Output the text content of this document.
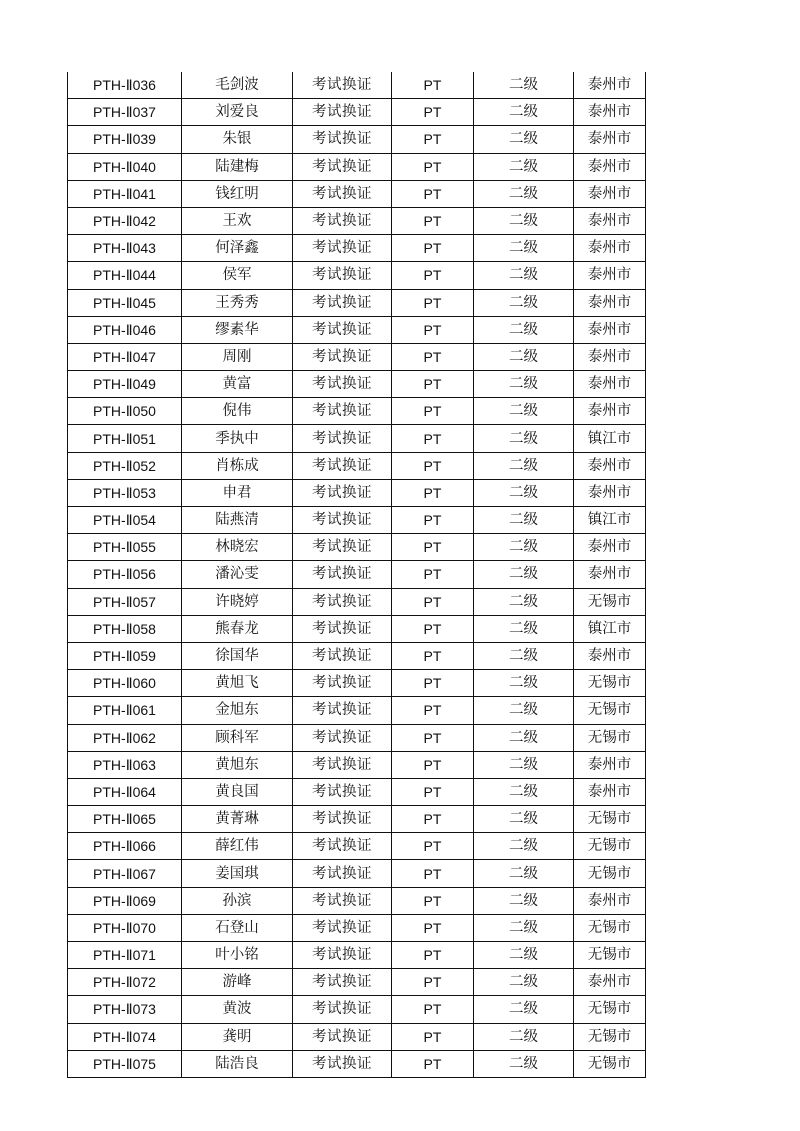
PTH-Ⅱ036	毛剑波	考试换证	PT	二级	泰州市
PTH-Ⅱ037	刘爱良	考试换证	PT	二级	泰州市
PTH-Ⅱ039	朱银	考试换证	PT	二级	泰州市
PTH-Ⅱ040	陆建梅	考试换证	PT	二级	泰州市
PTH-Ⅱ041	钱红明	考试换证	PT	二级	泰州市
PTH-Ⅱ042	王欢	考试换证	PT	二级	泰州市
PTH-Ⅱ043	何泽鑫	考试换证	PT	二级	泰州市
PTH-Ⅱ044	侯军	考试换证	PT	二级	泰州市
PTH-Ⅱ045	王秀秀	考试换证	PT	二级	泰州市
PTH-Ⅱ046	缪素华	考试换证	PT	二级	泰州市
PTH-Ⅱ047	周刚	考试换证	PT	二级	泰州市
PTH-Ⅱ049	黄富	考试换证	PT	二级	泰州市
PTH-Ⅱ050	倪伟	考试换证	PT	二级	泰州市
PTH-Ⅱ051	季执中	考试换证	PT	二级	镇江市
PTH-Ⅱ052	肖栋成	考试换证	PT	二级	泰州市
PTH-Ⅱ053	申君	考试换证	PT	二级	泰州市
PTH-Ⅱ054	陆燕清	考试换证	PT	二级	镇江市
PTH-Ⅱ055	林晓宏	考试换证	PT	二级	泰州市
PTH-Ⅱ056	潘沁雯	考试换证	PT	二级	泰州市
PTH-Ⅱ057	许晓婷	考试换证	PT	二级	无锡市
PTH-Ⅱ058	熊春龙	考试换证	PT	二级	镇江市
PTH-Ⅱ059	徐国华	考试换证	PT	二级	泰州市
PTH-Ⅱ060	黄旭飞	考试换证	PT	二级	无锡市
PTH-Ⅱ061	金旭东	考试换证	PT	二级	无锡市
PTH-Ⅱ062	顾科军	考试换证	PT	二级	无锡市
PTH-Ⅱ063	黄旭东	考试换证	PT	二级	泰州市
PTH-Ⅱ064	黄良国	考试换证	PT	二级	泰州市
PTH-Ⅱ065	黄菁琳	考试换证	PT	二级	无锡市
PTH-Ⅱ066	薛红伟	考试换证	PT	二级	无锡市
PTH-Ⅱ067	姜国琪	考试换证	PT	二级	无锡市
PTH-Ⅱ069	孙滨	考试换证	PT	二级	泰州市
PTH-Ⅱ070	石登山	考试换证	PT	二级	无锡市
PTH-Ⅱ071	叶小铭	考试换证	PT	二级	无锡市
PTH-Ⅱ072	游峰	考试换证	PT	二级	泰州市
PTH-Ⅱ073	黄波	考试换证	PT	二级	无锡市
PTH-Ⅱ074	龚明	考试换证	PT	二级	无锡市
PTH-Ⅱ075	陆浩良	考试换证	PT	二级	无锡市
